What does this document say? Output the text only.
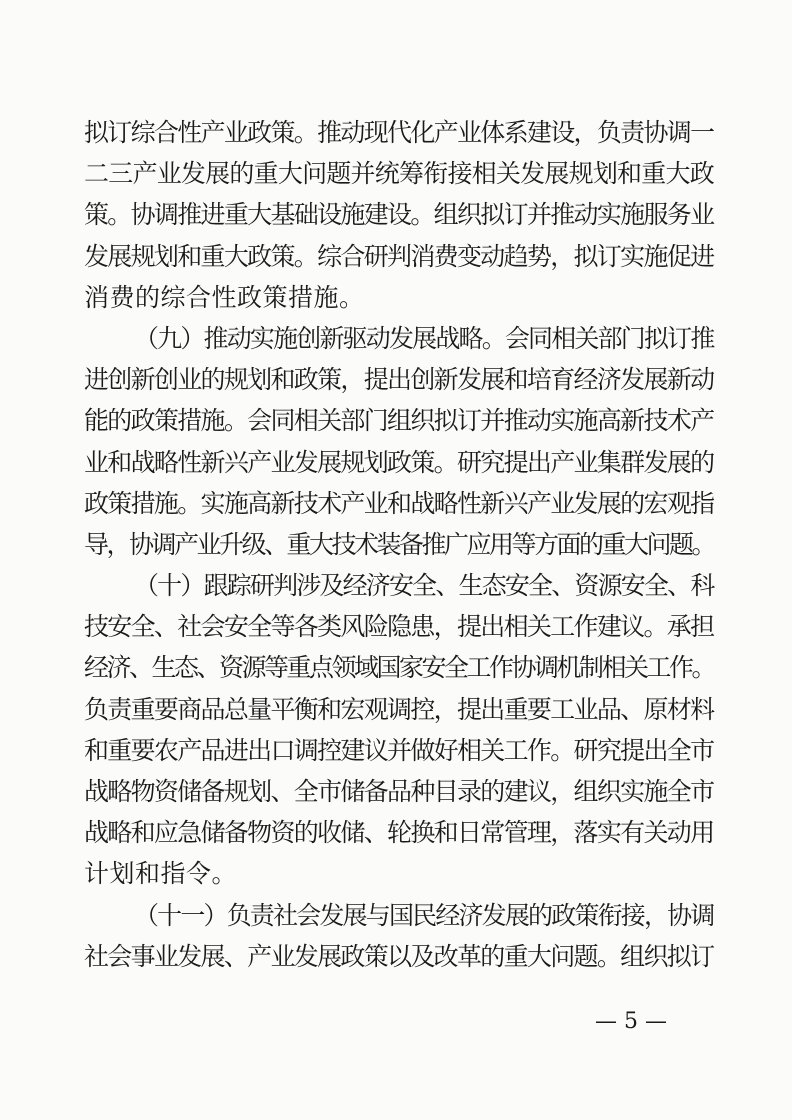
拟订综合性产业政策。推动现代化产业体系建设，负责协调一
二三产业发展的重大问题并统筹衔接相关发展规划和重大政
策。协调推进重大基础设施建设。组织拟订并推动实施服务业
发展规划和重大政策。综合研判消费变动趋势，拟订实施促进
消费的综合性政策措施。
（九）推动实施创新驱动发展战略。会同相关部门拟订推
进创新创业的规划和政策，提出创新发展和培育经济发展新动
能的政策措施。会同相关部门组织拟订并推动实施高新技术产
业和战略性新兴产业发展规划政策。研究提出产业集群发展的
政策措施。实施高新技术产业和战略性新兴产业发展的宏观指
导，协调产业升级、重大技术装备推广应用等方面的重大问题。
（十）跟踪研判涉及经济安全、生态安全、资源安全、科
技安全、社会安全等各类风险隐患，提出相关工作建议。承担
经济、生态、资源等重点领域国家安全工作协调机制相关工作。
负责重要商品总量平衡和宏观调控，提出重要工业品、原材料
和重要农产品进出口调控建议并做好相关工作。研究提出全市
战略物资储备规划、全市储备品种目录的建议，组织实施全市
战略和应急储备物资的收储、轮换和日常管理，落实有关动用
计划和指令。
（十一）负责社会发展与国民经济发展的政策衔接，协调
社会事业发展、产业发展政策以及改革的重大问题。组织拟订
— 5 —
